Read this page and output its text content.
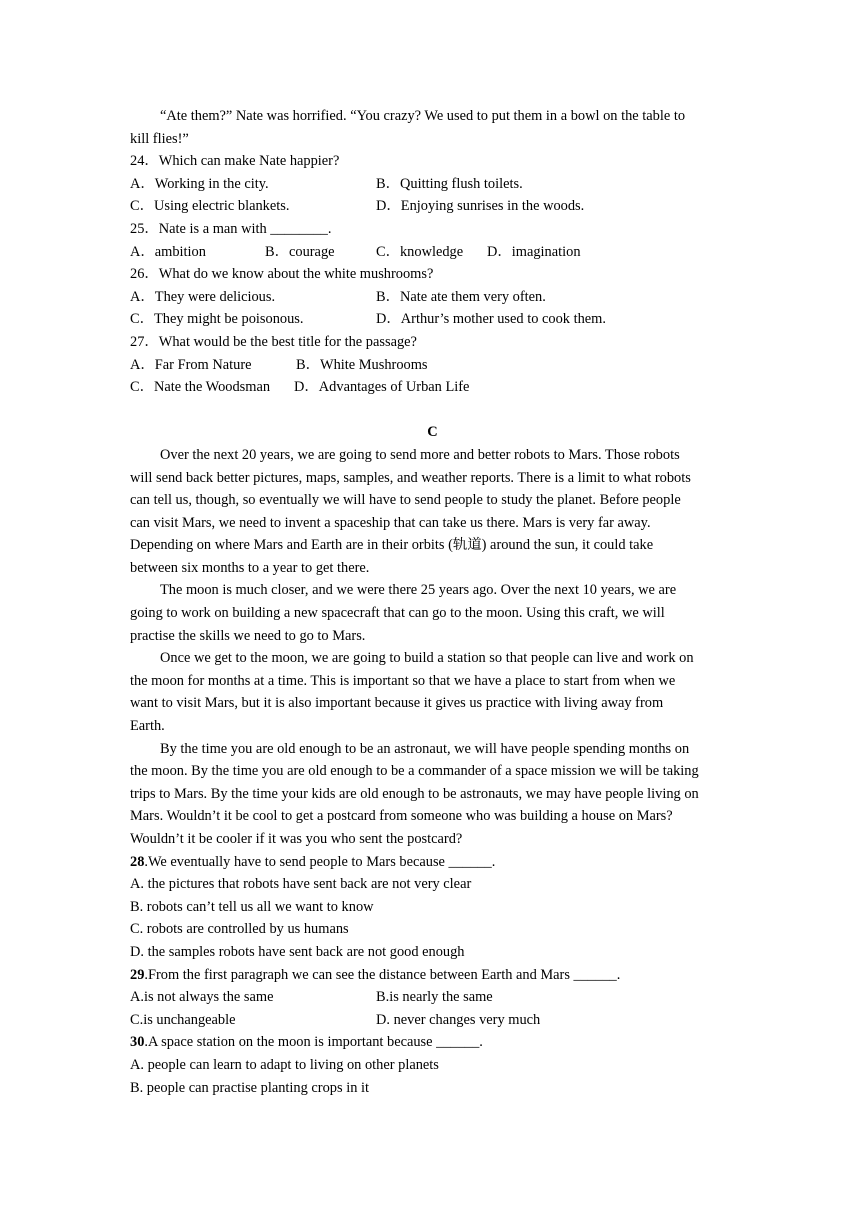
“Ate them?” Nate was horrified. “You crazy? We used to put them in a bowl on the table to
kill flies!”
24．Which can make Nate happier?
A．Working in the city.	B．Quitting flush toilets.
C．Using electric blankets.	D．Enjoying sunrises in the woods.
25．Nate is a man with ________.
A．ambition	B．courage	C．knowledge	D．imagination
26．What do we know about the white mushrooms?
A．They were delicious.	B．Nate ate them very often.
C．They might be poisonous.	D．Arthur’s mother used to cook them.
27．What would be the best title for the passage?
A．Far From Nature	B．White Mushrooms
C．Nate the Woodsman	D．Advantages of Urban Life
C
Over the next 20 years, we are going to send more and better robots to Mars. Those robots
will send back better pictures, maps, samples, and weather reports. There is a limit to what robots
can tell us, though, so eventually we will have to send people to study the planet. Before people
can visit Mars, we need to invent a spaceship that can take us there. Mars is very far away.
Depending on where Mars and Earth are in their orbits (轨道) around the sun, it could take
between six months to a year to get there.
The moon is much closer, and we were there 25 years ago. Over the next 10 years, we are
going to work on building a new spacecraft that can go to the moon. Using this craft, we will
practise the skills we need to go to Mars.
Once we get to the moon, we are going to build a station so that people can live and work on
the moon for months at a time. This is important so that we have a place to start from when we
want to visit Mars, but it is also important because it gives us practice with living away from
Earth.
By the time you are old enough to be an astronaut, we will have people spending months on
the moon. By the time you are old enough to be a commander of a space mission we will be taking
trips to Mars. By the time your kids are old enough to be astronauts, we may have people living on
Mars. Wouldn’t it be cool to get a postcard from someone who was building a house on Mars?
Wouldn’t it be cooler if it was you who sent the postcard?
28.We eventually have to send people to Mars because ______.
A. the pictures that robots have sent back are not very clear
B. robots can’t tell us all we want to know
C. robots are controlled by us humans
D. the samples robots have sent back are not good enough
29.From the first paragraph we can see the distance between Earth and Mars ______.
A.is not always the same	B.is nearly the same
C.is unchangeable	D. never changes very much
30.A space station on the moon is important because ______.
A. people can learn to adapt to living on other planets
B. people can practise planting crops in it
